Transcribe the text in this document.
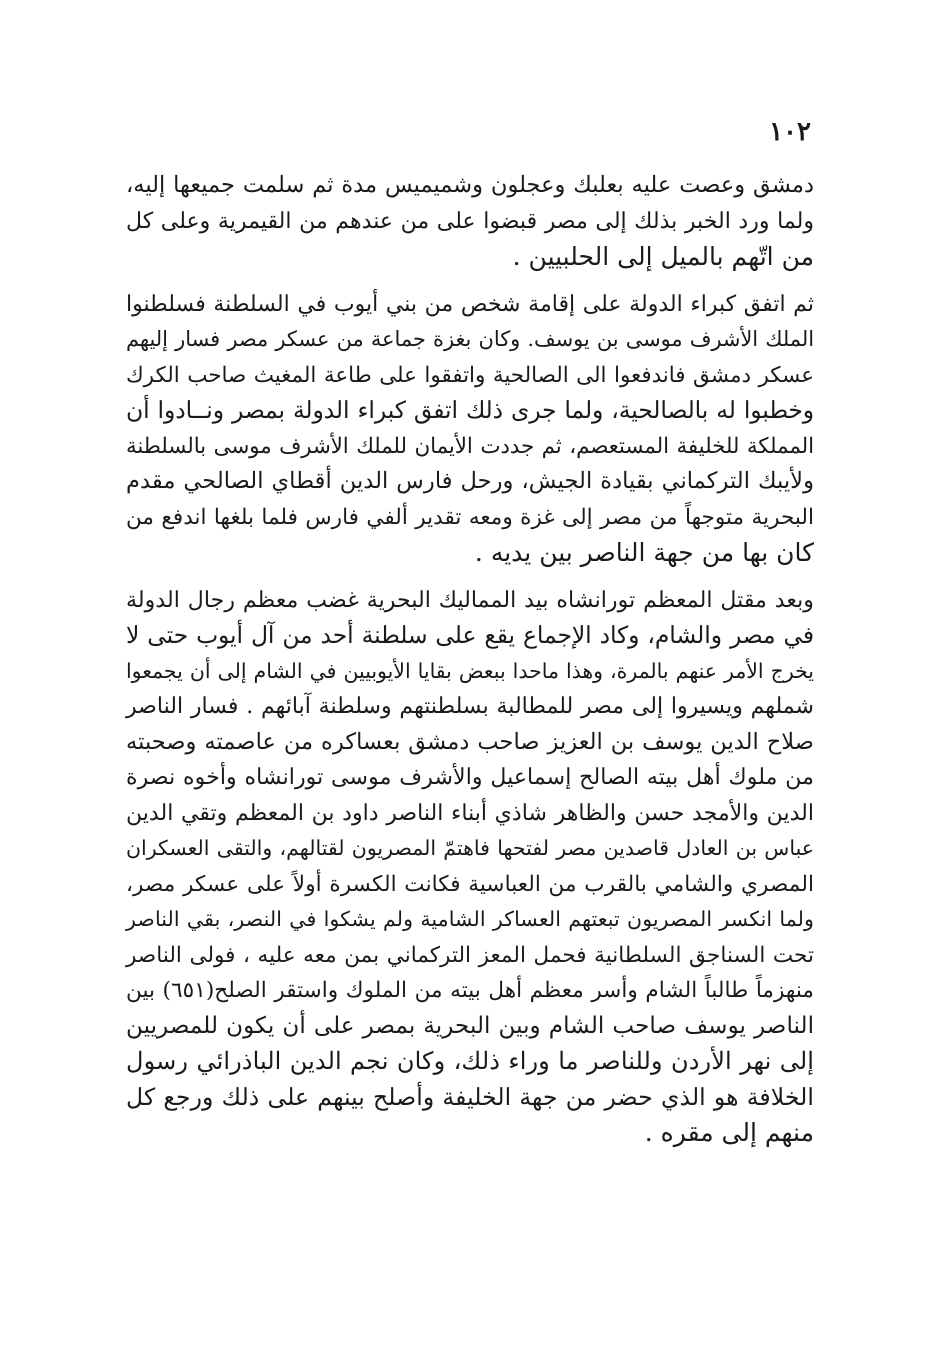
١٠٢
دمشق وعصت عليه بعلبك وعجلون وشميميس مدة ثم سلمت جميعها إليه،
ولما ورد الخبر بذلك إلى مصر قبضوا على من عندهم من القيمرية وعلى كل
من اتّهم بالميل إلى الحلبيين .
ثم اتفق كبراء الدولة على إقامة شخص من بني أيوب في السلطنة فسلطنوا
الملك الأشرف موسى بن يوسف. وكان بغزة جماعة من عسكر مصر فسار إليهم
عسكر دمشق فاندفعوا الى الصالحية واتفقوا على طاعة المغيث صاحب الكرك
وخطبوا له بالصالحية، ولما جرى ذلك اتفق كبراء الدولة بمصر ونــادوا أن
المملكة للخليفة المستعصم، ثم جددت الأيمان للملك الأشرف موسى بالسلطنة
ولأيبك التركماني بقيادة الجيش، ورحل فارس الدين أقطاي الصالحي مقدم
البحرية متوجهاً من مصر إلى غزة ومعه تقدير ألفي فارس فلما بلغها اندفع من
كان بها من جهة الناصر بين يديه .
وبعد مقتل المعظم تورانشاه بيد المماليك البحرية غضب معظم رجال الدولة
في مصر والشام، وكاد الإجماع يقع على سلطنة أحد من آل أيوب حتى لا
يخرج الأمر عنهم بالمرة، وهذا ماحدا ببعض بقايا الأيوبيين في الشام إلى أن يجمعوا
شملهم ويسيروا إلى مصر للمطالبة بسلطنتهم وسلطنة آبائهم . فسار الناصر
صلاح الدين يوسف بن العزيز صاحب دمشق بعساكره من عاصمته وصحبته
من ملوك أهل بيته الصالح إسماعيل والأشرف موسى تورانشاه وأخوه نصرة
الدين والأمجد حسن والظاهر شاذي أبناء الناصر داود بن المعظم وتقي الدين
عباس بن العادل قاصدين مصر لفتحها فاهتمّ المصريون لقتالهم، والتقى العسكران
المصري والشامي بالقرب من العباسية فكانت الكسرة أولاً على عسكر مصر،
ولما انكسر المصريون تبعتهم العساكر الشامية ولم يشكوا في النصر، بقي الناصر
تحت السناجق السلطانية فحمل المعز التركماني بمن معه عليه ، فولى الناصر
منهزماً طالباً الشام وأسر معظم أهل بيته من الملوك واستقر الصلح(٦٥١) بين
الناصر يوسف صاحب الشام وبين البحرية بمصر على أن يكون للمصريين
إلى نهر الأردن وللناصر ما وراء ذلك، وكان نجم الدين الباذرائي رسول
الخلافة هو الذي حضر من جهة الخليفة وأصلح بينهم على ذلك ورجع كل
منهم إلى مقره .
